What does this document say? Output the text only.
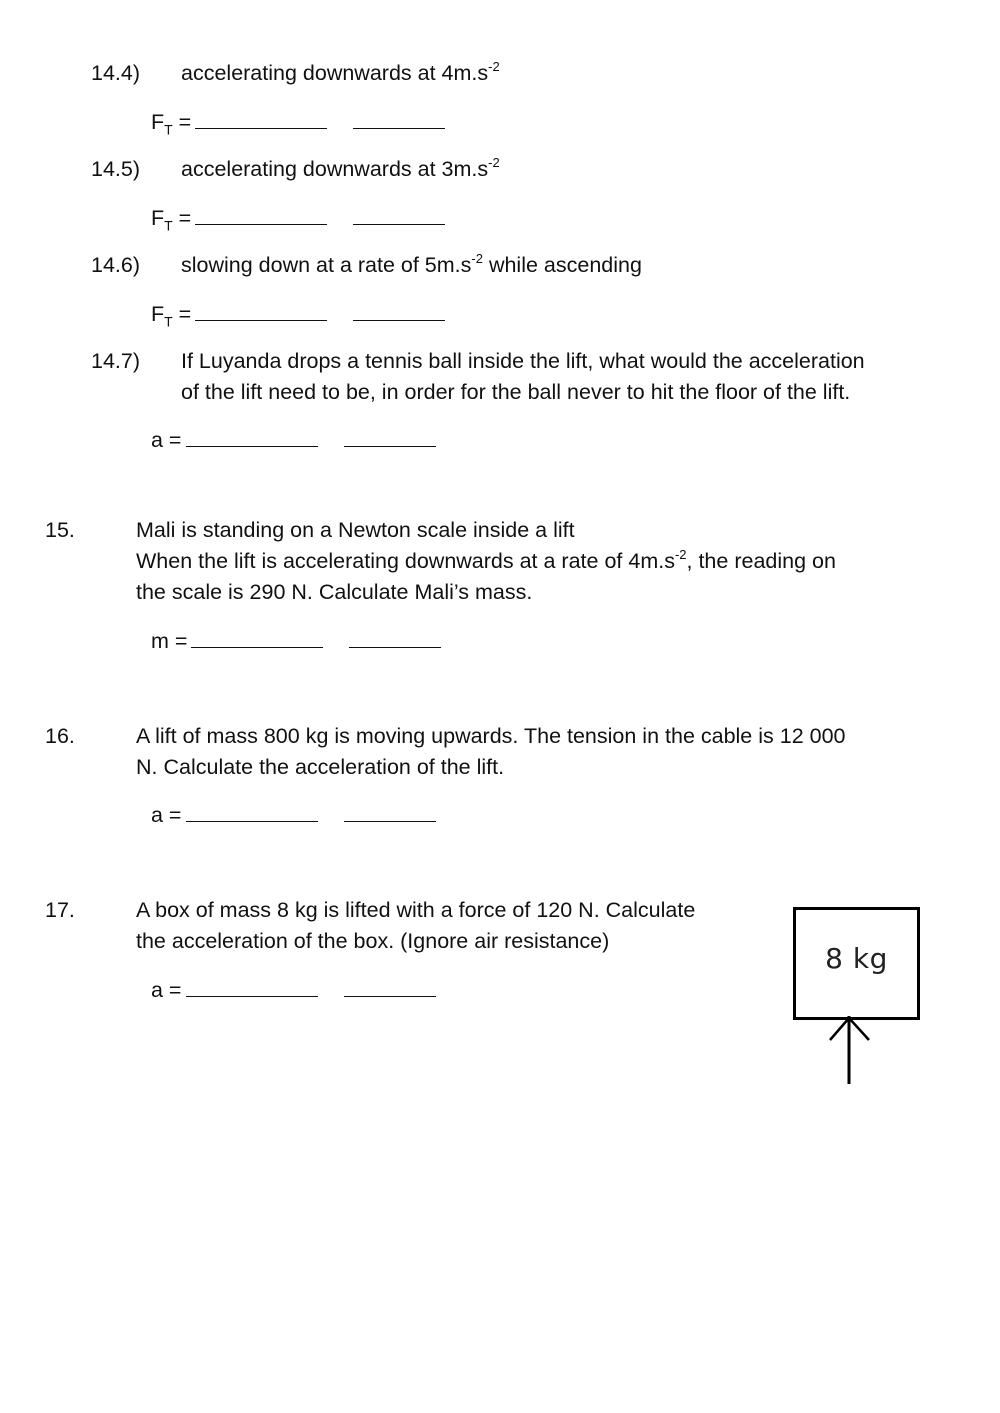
14.4) accelerating downwards at $4m.s^{-2}$
$F_T$ =
14.5) accelerating downwards at $3m.s^{-2}$
$F_T$ =
14.6) slowing down at a rate of $5m.s^{-2}$ while ascending
$F_T$ =
14.7) If Luyanda drops a tennis ball inside the lift, what would the acceleration
of the lift need to be, in order for the ball never to hit the floor of the lift.
a =
15.	Mali is standing on a Newton scale inside a lift
When the lift is accelerating downwards at a rate of $4m.s^{-2}$, the reading on
the scale is 290 N. Calculate Mali’s mass.
m =
16.	A lift of mass 800 kg is moving upwards. The tension in the cable is 12 000
N. Calculate the acceleration of the lift.
a =
17.	A box of mass 8 kg is lifted with a force of 120 N. Calculate
the acceleration of the box. (Ignore air resistance)
a =
8 kg
